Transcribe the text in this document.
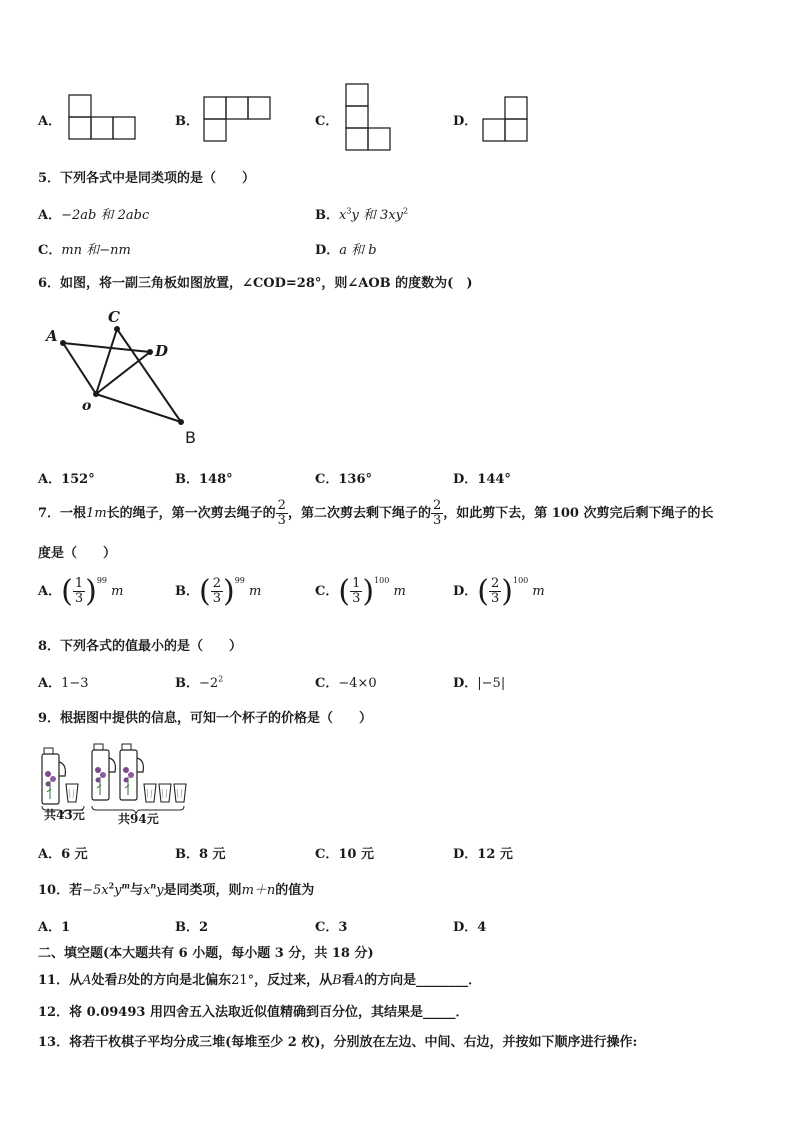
A．	B．	C．	D．
5．下列各式中是同类项的是（　　）
A．−2ab 和 2abc	B．$x^3y$ 和 $3xy^2$
C．mn 和−nm	D．a 和 b
6．如图，将一副三角板如图放置，∠COD=28°，则∠AOB 的度数为(　)
A
C
D
o
B
A．152°	B．148°	C．136°	D．144°
7．一根1m长的绳子，第一次剪去绳子的 $\frac{2}{3}$ ，第二次剪去剩下绳子的 $\frac{2}{3}$ ，如此剪下去，第 100 次剪完后剩下绳子的长
度是（　　）
A．( $\frac{1}{3} )^{99}$ m	B．( $\frac{2}{3} )^{99}$ m	C．( $\frac{1}{3} )^{100}$ m	D．( $\frac{2}{3} )^{100}$ m
8．下列各式的值最小的是（　　）
A．1−3	B．$-2^2$	C．−4×0	D．|−5|
9．根据图中提供的信息，可知一个杯子的价格是（　　）
共43元	共94元
A．6 元	B．8 元	C．10 元	D．12 元
10．若$-5x^2y^m$与$x^ny$是同类项，则m＋n的值为
A．1	B．2	C．3	D．4
二、填空题(本大题共有 6 小题，每小题 3 分，共 18 分)
11．从A处看B处的方向是北偏东21°，反过来，从B看A的方向是________．
12．将 0.09493 用四舍五入法取近似值精确到百分位，其结果是_____．
13．将若干枚棋子平均分成三堆(每堆至少 2 枚)，分别放在左边、中间、右边，并按如下顺序进行操作:
